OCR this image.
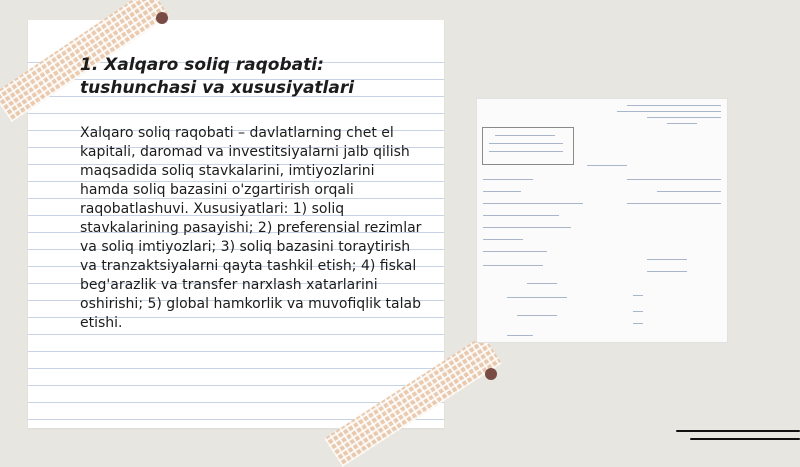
1. Xalqaro soliq raqobati: tushunchasi va xususiyatlari

Xalqaro soliq raqobati – davlatlarning chet el kapitali, daromad va investitsiyalarni jalb qilish maqsadida soliq stavkalarini, imtiyozlarini hamda soliq bazasini o'zgartirish orqali raqobatlashuvi. Xususiyatlari: 1) soliq stavkalarining pasayishi; 2) preferensial rezimlar va soliq imtiyozlari; 3) soliq bazasini toraytirish va tranzaktsiyalarni qayta tashkil etish; 4) fiskal beg'arazlik va transfer narxlash xatarlarini oshirishi; 5) global hamkorlik va muvofiqlik talab etishi.
